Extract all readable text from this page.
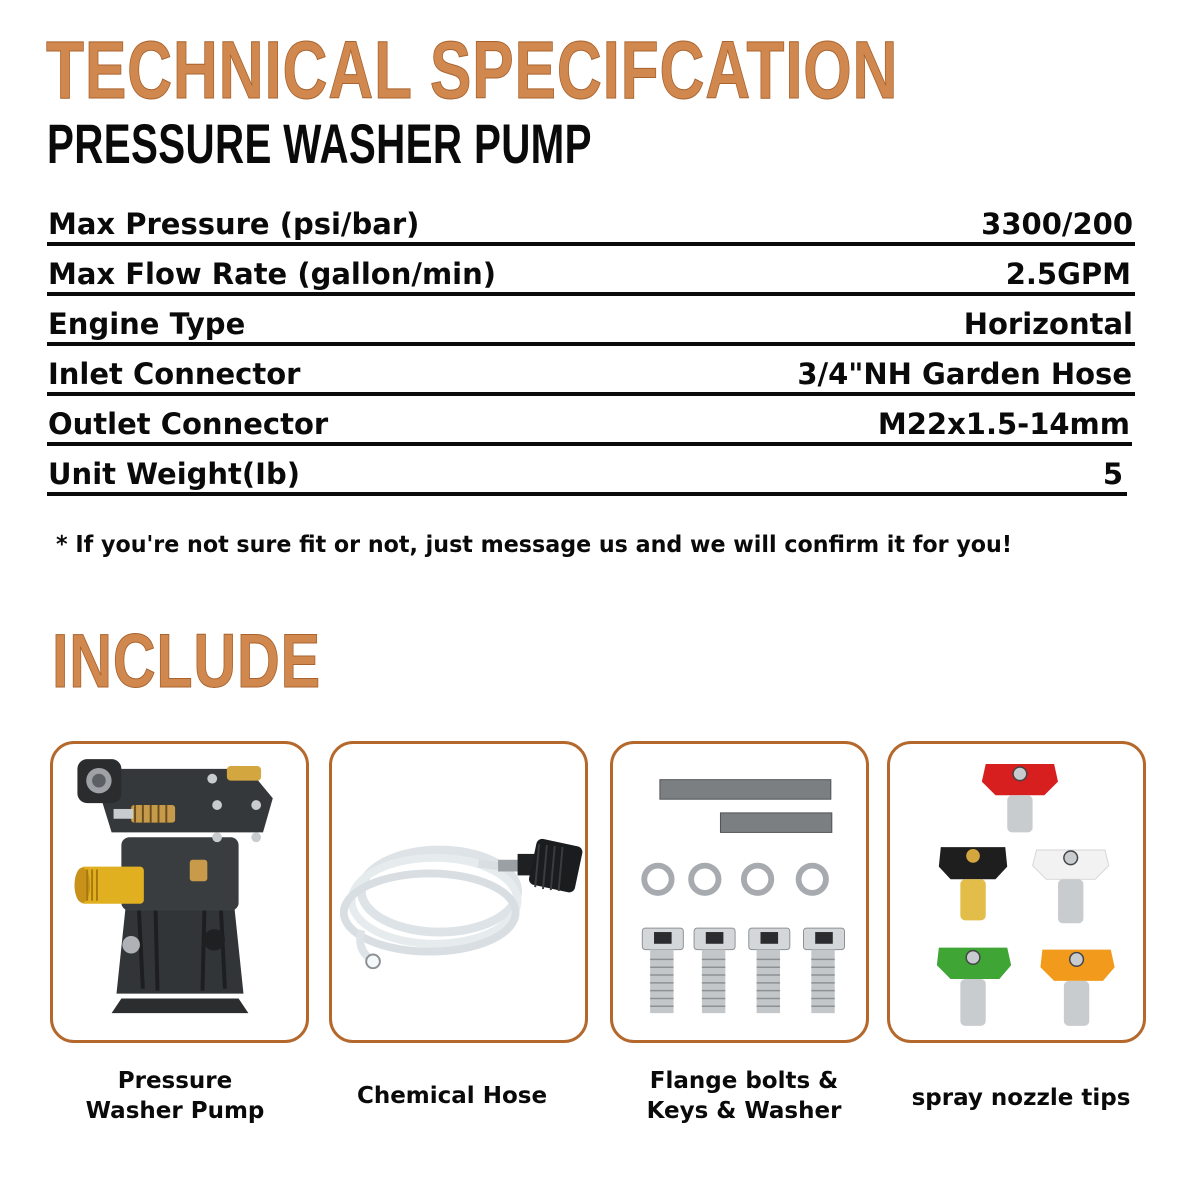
TECHNICAL SPECIFCATION
PRESSURE WASHER PUMP
Max Pressure (psi/bar)	3300/200
Max Flow Rate (gallon/min)	2.5GPM
Engine Type	Horizontal
Inlet Connector	3/4"NH Garden Hose
Outlet Connector	M22x1.5-14mm
Unit Weight(Ib)	5
* If you're not sure fit or not, just message us and we will confirm it for you!
INCLUDE
Pressure
Washer Pump
Chemical Hose
Flange bolts &
Keys & Washer	spray nozzle tips
